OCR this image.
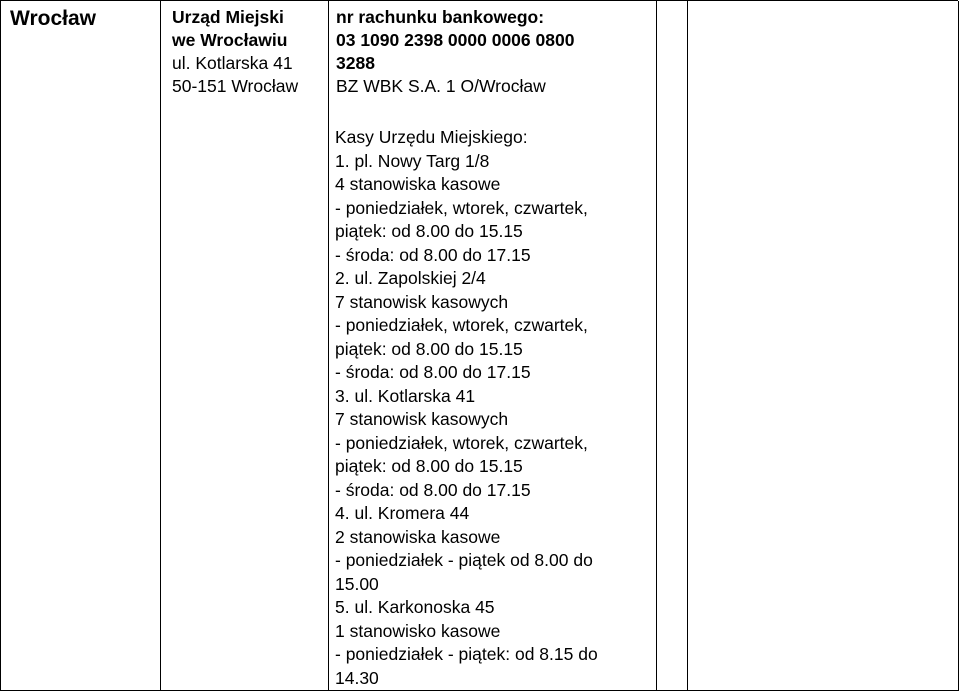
Wrocław	Urząd Miejski
we Wrocławiu
ul. Kotlarska 41
50-151 Wrocław
nr rachunku bankowego:
03 1090 2398 0000 0006 0800
3288
BZ WBK S.A. 1 O/Wrocław
Kasy Urzędu Miejskiego:
1. pl. Nowy Targ 1/8
4 stanowiska kasowe
- poniedziałek, wtorek, czwartek,
piątek: od 8.00 do 15.15
- środa: od 8.00 do 17.15
2. ul. Zapolskiej 2/4
7 stanowisk kasowych
- poniedziałek, wtorek, czwartek,
piątek: od 8.00 do 15.15
- środa: od 8.00 do 17.15
3. ul. Kotlarska 41
7 stanowisk kasowych
- poniedziałek, wtorek, czwartek,
piątek: od 8.00 do 15.15
- środa: od 8.00 do 17.15
4. ul. Kromera 44
2 stanowiska kasowe
- poniedziałek - piątek od 8.00 do
15.00
5. ul. Karkonoska 45
1 stanowisko kasowe
- poniedziałek - piątek: od 8.15 do
14.30
